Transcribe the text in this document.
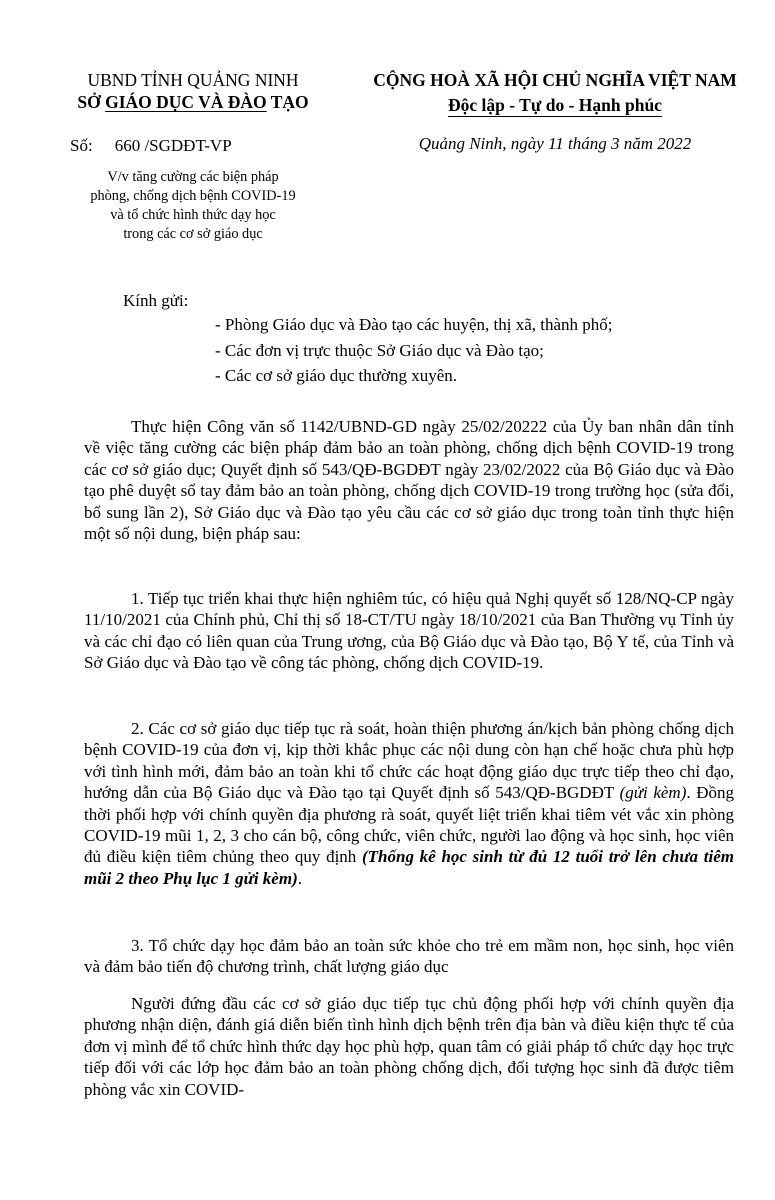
UBND TỈNH QUẢNG NINH
SỞ GIÁO DỤC VÀ ĐÀO TẠO
CỘNG HOÀ XÃ HỘI CHỦ NGHĨA VIỆT NAM
Độc lập - Tự do - Hạnh phúc
Số: 660 /SGDĐT-VP	Quảng Ninh, ngày 11 tháng 3 năm 2022
V/v tăng cường các biện pháp
phòng, chống dịch bệnh COVID-19
và tổ chức hình thức dạy học
trong các cơ sở giáo dục
Kính gửi:
- Phòng Giáo dục và Đào tạo các huyện, thị xã, thành phố;
- Các đơn vị trực thuộc Sở Giáo dục và Đào tạo;
- Các cơ sở giáo dục thường xuyên.
Thực hiện Công văn số 1142/UBND-GD ngày 25/02/20222 của Ủy ban nhân dân tỉnh về việc tăng cường các biện pháp đảm bảo an toàn phòng, chống dịch bệnh COVID-19 trong các cơ sở giáo dục; Quyết định số 543/QĐ-BGDĐT ngày 23/02/2022 của Bộ Giáo dục và Đào tạo phê duyệt sổ tay đảm bảo an toàn phòng, chống dịch COVID-19 trong trường học (sửa đổi, bổ sung lần 2), Sở Giáo dục và Đào tạo yêu cầu các cơ sở giáo dục trong toàn tỉnh thực hiện một số nội dung, biện pháp sau:
1. Tiếp tục triển khai thực hiện nghiêm túc, có hiệu quả Nghị quyết số 128/NQ-CP ngày 11/10/2021 của Chính phủ, Chỉ thị số 18-CT/TU ngày 18/10/2021 của Ban Thường vụ Tỉnh ủy và các chỉ đạo có liên quan của Trung ương, của Bộ Giáo dục và Đào tạo, Bộ Y tế, của Tỉnh và Sở Giáo dục và Đào tạo về công tác phòng, chống dịch COVID-19.
2. Các cơ sở giáo dục tiếp tục rà soát, hoàn thiện phương án/kịch bản phòng chống dịch bệnh COVID-19 của đơn vị, kịp thời khắc phục các nội dung còn hạn chế hoặc chưa phù hợp với tình hình mới, đảm bảo an toàn khi tổ chức các hoạt động giáo dục trực tiếp theo chỉ đạo, hướng dẫn của Bộ Giáo dục và Đào tạo tại Quyết định số 543/QĐ-BGDĐT (gửi kèm). Đồng thời phối hợp với chính quyền địa phương rà soát, quyết liệt triển khai tiêm vét vắc xin phòng COVID-19 mũi 1, 2, 3 cho cán bộ, công chức, viên chức, người lao động và học sinh, học viên đủ điều kiện tiêm chủng theo quy định (Thống kê học sinh từ đủ 12 tuổi trở lên chưa tiêm mũi 2 theo Phụ lục 1 gửi kèm).
3. Tổ chức dạy học đảm bảo an toàn sức khỏe cho trẻ em mầm non, học sinh, học viên và đảm bảo tiến độ chương trình, chất lượng giáo dục
Người đứng đầu các cơ sở giáo dục tiếp tục chủ động phối hợp với chính quyền địa phương nhận diện, đánh giá diễn biến tình hình dịch bệnh trên địa bàn và điều kiện thực tế của đơn vị mình để tổ chức hình thức dạy học phù hợp, quan tâm có giải pháp tổ chức dạy học trực tiếp đối với các lớp học đảm bảo an toàn phòng chống dịch, đối tượng học sinh đã được tiêm phòng vắc xin COVID-
